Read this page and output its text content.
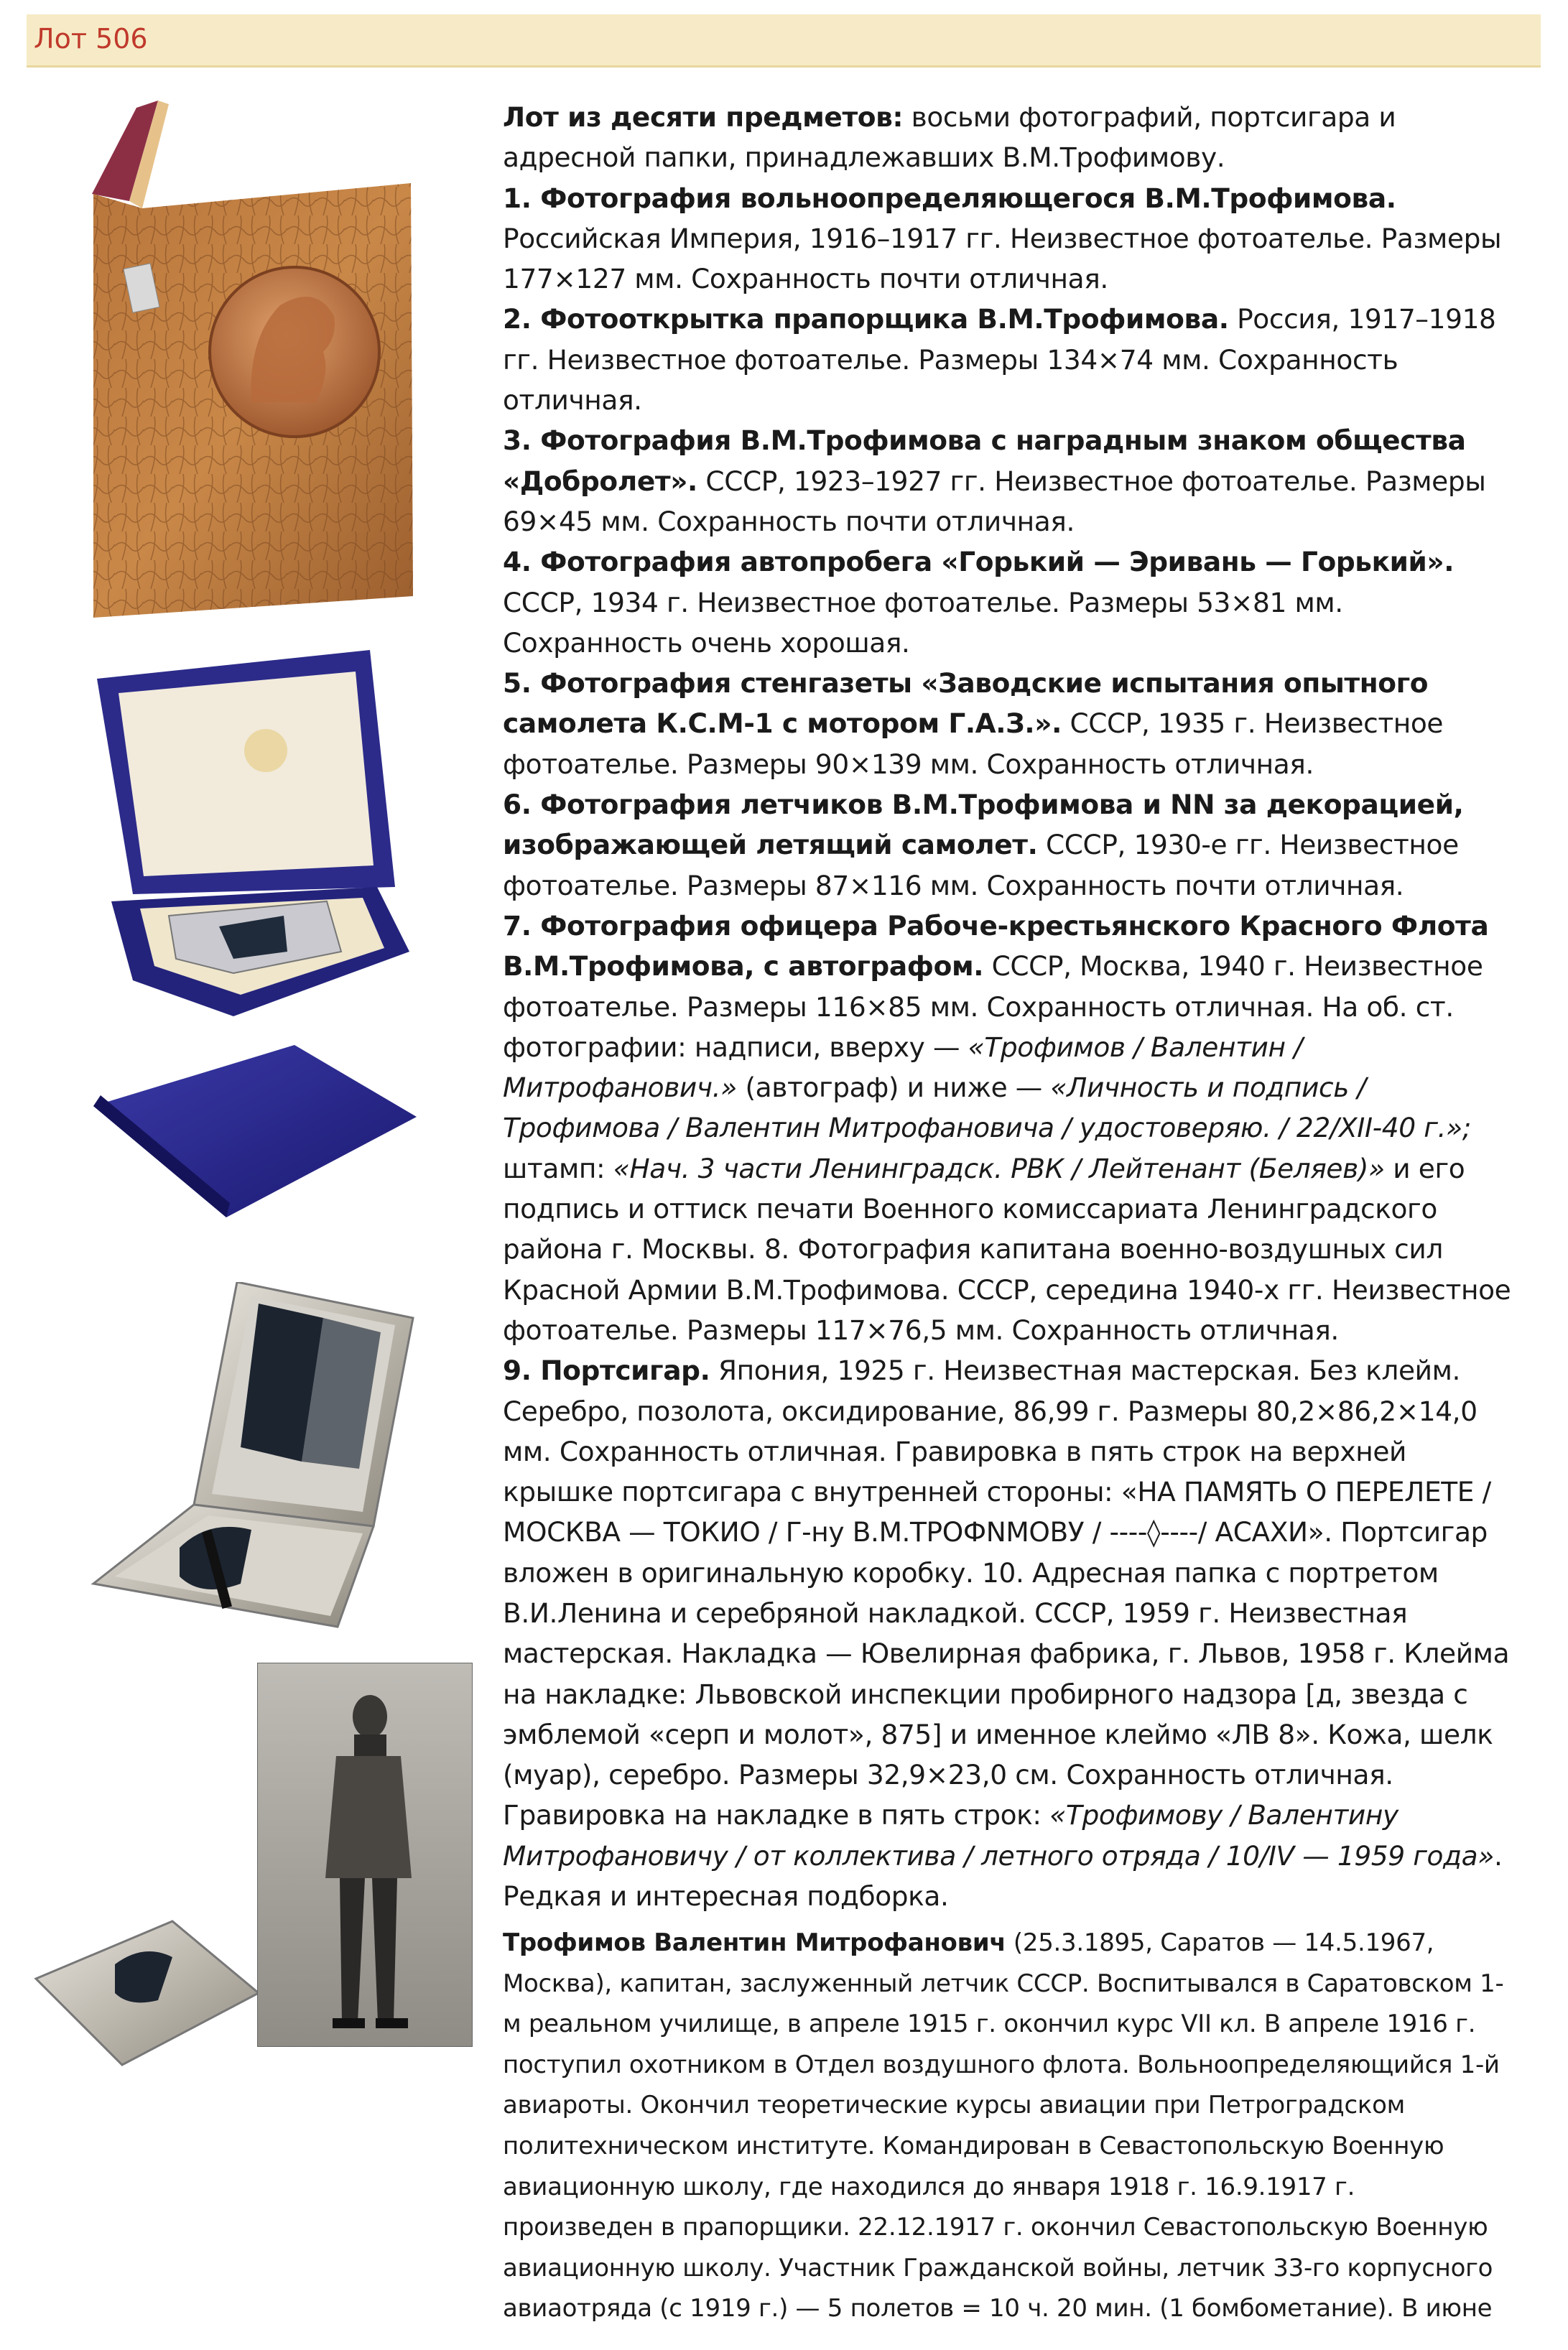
Лот 506

Лот из десяти предметов: восьми фотографий, портсигара и адресной папки, принадлежавших В.М.Трофимову.

1. Фотография вольноопределяющегося В.М.Трофимова. Российская Империя, 1916–1917 гг. Неизвестное фотоателье. Размеры 177×127 мм. Сохранность почти отличная.

2. Фотооткрытка прапорщика В.М.Трофимова. Россия, 1917–1918 гг. Неизвестное фотоателье. Размеры 134×74 мм. Сохранность отличная.

3. Фотография В.М.Трофимова с наградным знаком общества «Добролет». СССР, 1923–1927 гг. Неизвестное фотоателье. Размеры 69×45 мм. Сохранность почти отличная.

4. Фотография автопробега «Горький — Эривань — Горький». СССР, 1934 г. Неизвестное фотоателье. Размеры 53×81 мм. Сохранность очень хорошая.

5. Фотография стенгазеты «Заводские испытания опытного самолета К.С.М-1 с мотором Г.А.З.». СССР, 1935 г. Неизвестное фотоателье. Размеры 90×139 мм. Сохранность отличная.

6. Фотография летчиков В.М.Трофимова и NN за декорацией, изображающей летящий самолет. СССР, 1930-е гг. Неизвестное фотоателье. Размеры 87×116 мм. Сохранность почти отличная.

7. Фотография офицера Рабоче-крестьянского Красного Флота В.М.Трофимова, с автографом. СССР, Москва, 1940 г. Неизвестное фотоателье. Размеры 116×85 мм. Сохранность отличная. На об. ст. фотографии: надписи, вверху — «Трофимов / Валентин / Митрофанович.» (автограф) и ниже — «Личность и подпись / Трофимова / Валентин Митрофановича / удостоверяю. / 22/XII-40 г.»; штамп: «Нач. 3 части Ленинградск. РВК / Лейтенант (Беляев)» и его подпись и оттиск печати Военного комиссариата Ленинградского района г. Москвы. 8. Фотография капитана военно-воздушных сил Красной Армии В.М.Трофимова. СССР, середина 1940-х гг. Неизвестное фотоателье. Размеры 117×76,5 мм. Сохранность отличная.

9. Портсигар. Япония, 1925 г. Неизвестная мастерская. Без клейм. Серебро, позолота, оксидирование, 86,99 г. Размеры 80,2×86,2×14,0 мм. Сохранность отличная. Гравировка в пять строк на верхней крышке портсигара с внутренней стороны: «НА ПАМЯТЬ О ПЕРЕЛЕТЕ / МОСКВА — ТОКИО / Г-ну В.М.ТРОФNМОВУ / ----◊----/ АСАХИ». Портсигар вложен в оригинальную коробку. 10. Адресная папка с портретом В.И.Ленина и серебряной накладкой. СССР, 1959 г. Неизвестная мастерская. Накладка — Ювелирная фабрика, г. Львов, 1958 г. Клейма на накладке: Львовской инспекции пробирного надзора [д, звезда с эмблемой «серп и молот», 875] и именное клеймо «ЛВ 8». Кожа, шелк (муар), серебро. Размеры 32,9×23,0 см. Сохранность отличная. Гравировка на накладке в пять строк: «Трофимову / Валентину Митрофановичу / от коллектива / летного отряда / 10/IV — 1959 года».

Редкая и интересная подборка.

Трофимов Валентин Митрофанович (25.3.1895, Саратов — 14.5.1967, Москва), капитан, заслуженный летчик СССР. Воспитывался в Саратовском 1-м реальном училище, в апреле 1915 г. окончил курс VII кл. В апреле 1916 г. поступил охотником в Отдел воздушного флота. Вольноопределяющийся 1-й авиароты. Окончил теоретические курсы авиации при Петроградском политехническом институте. Командирован в Севастопольскую Военную авиационную школу, где находился до января 1918 г. 16.9.1917 г. произведен в прапорщики. 22.12.1917 г. окончил Севастопольскую Военную авиационную школу. Участник Гражданской войны, летчик 33-го корпусного авиаотряда (с 1919 г.) — 5 полетов = 10 ч. 20 мин. (1 бомбометание). В июне
